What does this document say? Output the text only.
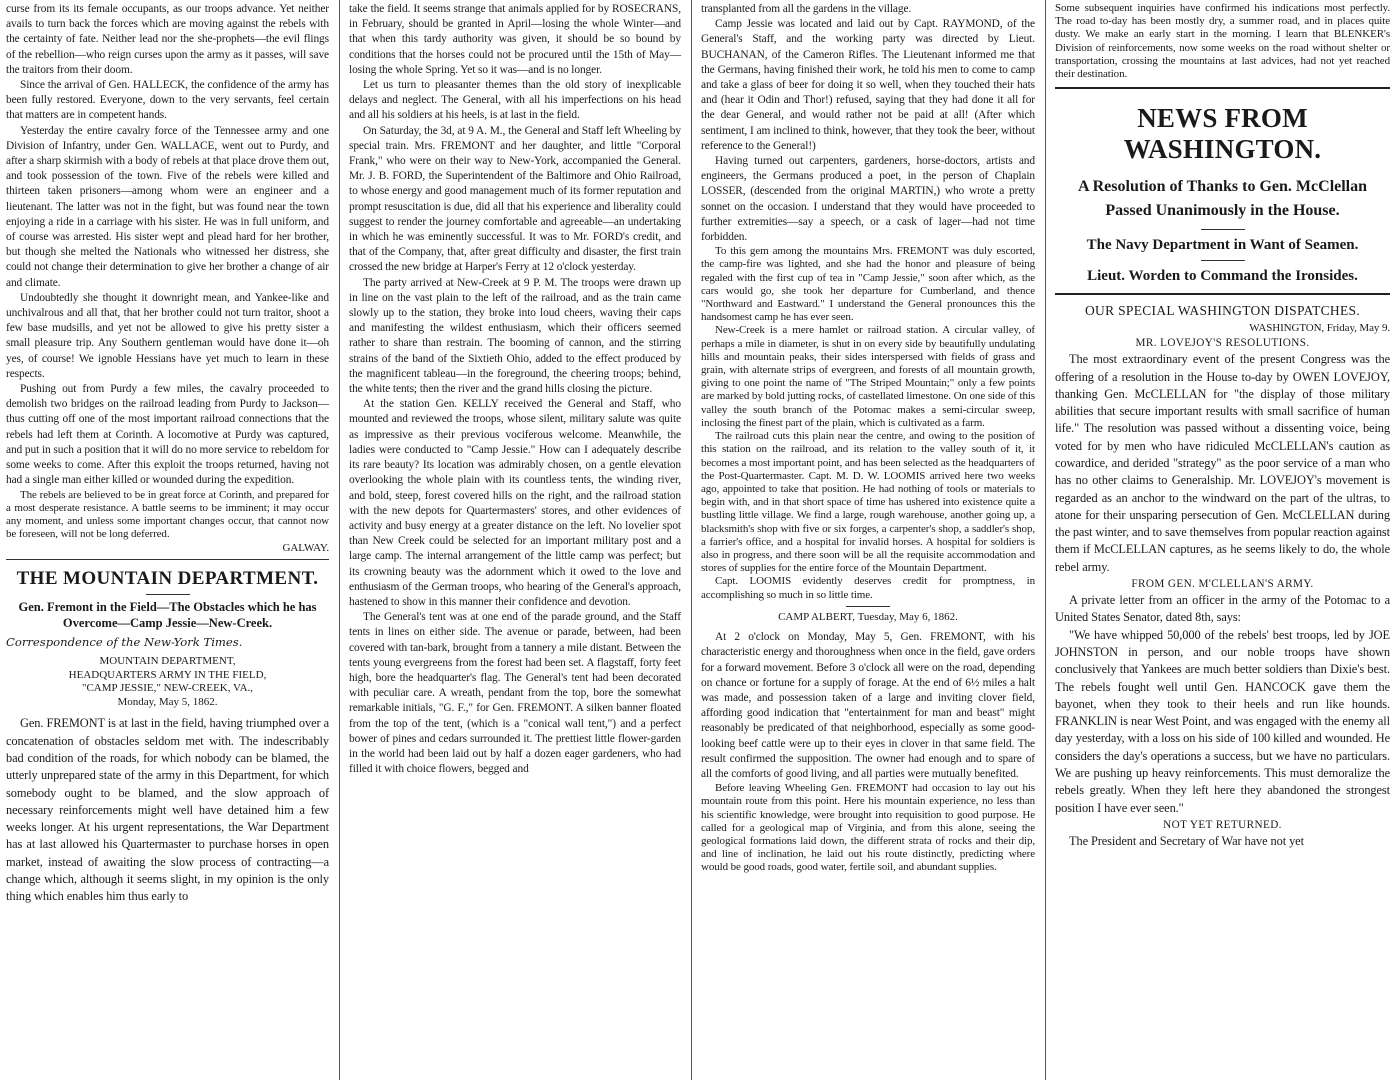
curse from its its female occupants, as our troops advance. Yet neither avails to turn back the forces which are moving against the rebels with the certainty of fate. Neither lead nor the she-prophets—the evil flings of the rebellion—who reign curses upon the army as it passes, will save the traitors from their doom.

Since the arrival of Gen. HALLECK, the confidence of the army has been fully restored. Everyone, down to the very servants, feel certain that matters are in competent hands.

Yesterday the entire cavalry force of the Tennessee army and one Division of Infantry, under Gen. WALLACE, went out to Purdy, and after a sharp skirmish with a body of rebels at that place drove them out, and took possession of the town. Five of the rebels were killed and thirteen taken prisoners—among whom were an engineer and a lieutenant. The latter was not in the fight, but was found near the town enjoying a ride in a carriage with his sister. He was in full uniform, and of course was arrested. His sister wept and plead hard for her brother, but though she melted the Nationals who witnessed her distress, she could not change their determination to give her brother a change of air and climate.

Undoubtedly she thought it downright mean, and Yankee-like and unchivalrous and all that, that her brother could not turn traitor, shoot a few base mudsills, and yet not be allowed to give his pretty sister a small pleasure trip. Any Southern gentleman would have done it—oh yes, of course! We ignoble Hessians have yet much to learn in these respects.

Pushing out from Purdy a few miles, the cavalry proceeded to demolish two bridges on the railroad leading from Purdy to Jackson—thus cutting off one of the most important railroad connections that the rebels had left them at Corinth. A locomotive at Purdy was captured, and put in such a position that it will do no more service to rebeldom for some weeks to come. After this exploit the troops returned, having not had a single man either killed or wounded during the expedition.

The rebels are believed to be in great force at Corinth, and prepared for a most desperate resistance. A battle seems to be imminent; it may occur any moment, and unless some important changes occur, that cannot now be foreseen, will not be long deferred.

GALWAY.

THE MOUNTAIN DEPARTMENT.
Gen. Fremont in the Field—The Obstacles which he has Overcome—Camp Jessie—New-Creek.
Correspondence of the New-York Times.
MOUNTAIN DEPARTMENT,
HEADQUARTERS ARMY IN THE FIELD,
"CAMP JESSIE," NEW-CREEK, VA.,
Monday, May 5, 1862.

Gen. FREMONT is at last in the field, having triumphed over a concatenation of obstacles seldom met with. The indescribably bad condition of the roads, for which nobody can be blamed, the utterly unprepared state of the army in this Department, for which somebody ought to be blamed, and the slow approach of necessary reinforcements might well have detained him a few weeks longer. At his urgent representations, the War Department has at last allowed his Quartermaster to purchase horses in open market, instead of awaiting the slow process of contracting—a change which, although it seems slight, in my opinion is the only thing which enables him thus early to

take the field. It seems strange that animals applied for by ROSECRANS, in February, should be granted in April—losing the whole Winter—and that when this tardy authority was given, it should be so bound by conditions that the horses could not be procured until the 15th of May—losing the whole Spring. Yet so it was—and is no longer.

Let us turn to pleasanter themes than the old story of inexplicable delays and neglect. The General, with all his imperfections on his head and all his soldiers at his heels, is at last in the field.

On Saturday, the 3d, at 9 A. M., the General and Staff left Wheeling by special train. Mrs. FREMONT and her daughter, and little "Corporal Frank," who were on their way to New-York, accompanied the General. Mr. J. B. FORD, the Superintendent of the Baltimore and Ohio Railroad, to whose energy and good management much of its former reputation and prompt resuscitation is due, did all that his experience and liberality could suggest to render the journey comfortable and agreeable—an undertaking in which he was eminently successful. It was to Mr. FORD's credit, and that of the Company, that, after great difficulty and disaster, the first train crossed the new bridge at Harper's Ferry at 12 o'clock yesterday.

The party arrived at New-Creek at 9 P. M. The troops were drawn up in line on the vast plain to the left of the railroad, and as the train came slowly up to the station, they broke into loud cheers, waving their caps and manifesting the wildest enthusiasm, which their officers seemed rather to share than restrain. The booming of cannon, and the stirring strains of the band of the Sixtieth Ohio, added to the effect produced by the magnificent tableau—in the foreground, the cheering troops; behind, the white tents; then the river and the grand hills closing the picture.

At the station Gen. KELLY received the General and Staff, who mounted and reviewed the troops, whose silent, military salute was quite as impressive as their previous vociferous welcome. Meanwhile, the ladies were conducted to "Camp Jessie." How can I adequately describe its rare beauty? Its location was admirably chosen, on a gentle elevation overlooking the whole plain with its countless tents, the winding river, and bold, steep, forest covered hills on the right, and the railroad station with the new depots for Quartermasters' stores, and other evidences of activity and busy energy at a greater distance on the left. No lovelier spot than New Creek could be selected for an important military post and a large camp. The internal arrangement of the little camp was perfect; but its crowning beauty was the adornment which it owed to the love and enthusiasm of the German troops, who hearing of the General's approach, hastened to show in this manner their confidence and devotion.

The General's tent was at one end of the parade ground, and the Staff tents in lines on either side. The avenue or parade, between, had been covered with tan-bark, brought from a tannery a mile distant. Between the tents young evergreens from the forest had been set. A flagstaff, forty feet high, bore the headquarter's flag. The General's tent had been decorated with peculiar care. A wreath, pendant from the top, bore the somewhat remarkable initials, "G. F.," for Gen. FREMONT. A silken banner floated from the top of the tent, (which is a "conical wall tent,") and a perfect bower of pines and cedars surrounded it. The prettiest little flower-garden in the world had been laid out by half a dozen eager gardeners, who had filled it with choice flowers, begged and

transplanted from all the gardens in the village.

Camp Jessie was located and laid out by Capt. RAYMOND, of the General's Staff, and the working party was directed by Lieut. BUCHANAN, of the Cameron Rifles. The Lieutenant informed me that the Germans, having finished their work, he told his men to come to camp and take a glass of beer for doing it so well, when they touched their hats and (hear it Odin and Thor!) refused, saying that they had done it all for the dear General, and would rather not be paid at all! (After which sentiment, I am inclined to think, however, that they took the beer, without reference to the General!)

Having turned out carpenters, gardeners, horse-doctors, artists and engineers, the Germans produced a poet, in the person of Chaplain LOSSER, (descended from the original MARTIN,) who wrote a pretty sonnet on the occasion. I understand that they would have proceeded to further extremities—say a speech, or a cask of lager—had not time forbidden.

To this gem among the mountains Mrs. FREMONT was duly escorted, the camp-fire was lighted, and she had the honor and pleasure of being regaled with the first cup of tea in "Camp Jessie," soon after which, as the cars would go, she took her departure for Cumberland, and thence "Northward and Eastward." I understand the General pronounces this the handsomest camp he has ever seen.

New-Creek is a mere hamlet or railroad station. A circular valley, of perhaps a mile in diameter, is shut in on every side by beautifully undulating hills and mountain peaks, their sides interspersed with fields of grass and grain, with alternate strips of evergreen, and forests of all mountain growth, giving to one point the name of "The Striped Mountain;" only a few points are marked by bold jutting rocks, of castellated limestone. On one side of this valley the south branch of the Potomac makes a semi-circular sweep, inclosing the finest part of the plain, which is cultivated as a farm.

The railroad cuts this plain near the centre, and owing to the position of this station on the railroad, and its relation to the valley south of it, it becomes a most important point, and has been selected as the headquarters of the Post-Quartermaster. Capt. M. D. W. LOOMIS arrived here two weeks ago, appointed to take that position. He had nothing of tools or materials to begin with, and in that short space of time has ushered into existence quite a bustling little village. We find a large, rough warehouse, another going up, a blacksmith's shop with five or six forges, a carpenter's shop, a saddler's shop, a farrier's office, and a hospital for invalid horses. A hospital for soldiers is also in progress, and there soon will be all the requisite accommodation and stores of supplies for the entire force of the Mountain Department.

Capt. LOOMIS evidently deserves credit for promptness, in accomplishing so much in so little time.

CAMP ALBERT, Tuesday, May 6, 1862.

At 2 o'clock on Monday, May 5, Gen. FREMONT, with his characteristic energy and thoroughness when once in the field, gave orders for a forward movement. Before 3 o'clock all were on the road, depending on chance or fortune for a supply of forage. At the end of 6½ miles a halt was made, and possession taken of a large and inviting clover field, affording good indication that "entertainment for man and beast" might reasonably be predicated of that neighborhood, especially as some good-looking beef cattle were up to their eyes in clover in that same field. The result confirmed the supposition. The owner had enough and to spare of all the comforts of good living, and all parties were mutually benefited.

Before leaving Wheeling Gen. FREMONT had occasion to lay out his mountain route from this point. Here his mountain experience, no less than his scientific knowledge, were brought into requisition to good purpose. He called for a geological map of Virginia, and from this alone, seeing the geological formations laid down, the different strata of rocks and their dip, and line of inclination, he laid out his route distinctly, predicting where would be good roads, good water, fertile soil, and abundant supplies.

Some subsequent inquiries have confirmed his indications most perfectly. The road to-day has been mostly dry, a summer road, and in places quite dusty. We make an early start in the morning. I learn that BLENKER's Division of reinforcements, now some weeks on the road without shelter or transportation, crossing the mountains at last advices, had not yet reached their destination.

NEWS FROM WASHINGTON.
A Resolution of Thanks to Gen. McClellan Passed Unanimously in the House.
The Navy Department in Want of Seamen.
Lieut. Worden to Command the Ironsides.
OUR SPECIAL WASHINGTON DISPATCHES.

WASHINGTON, Friday, May 9.

MR. LOVEJOY'S RESOLUTIONS.

The most extraordinary event of the present Congress was the offering of a resolution in the House to-day by OWEN LOVEJOY, thanking Gen. McCLELLAN for "the display of those military abilities that secure important results with small sacrifice of human life." The resolution was passed without a dissenting voice, being voted for by men who have ridiculed McCLELLAN's caution as cowardice, and derided "strategy" as the poor service of a man who has no other claims to Generalship. Mr. LOVEJOY's movement is regarded as an anchor to the windward on the part of the ultras, to atone for their unsparing persecution of Gen. McCLELLAN during the past winter, and to save themselves from popular reaction against them if McCLELLAN captures, as he seems likely to do, the whole rebel army.

FROM GEN. M'CLELLAN'S ARMY.

A private letter from an officer in the army of the Potomac to a United States Senator, dated 8th, says:

"We have whipped 50,000 of the rebels' best troops, led by JOE JOHNSTON in person, and our noble troops have shown conclusively that Yankees are much better soldiers than Dixie's best. The rebels fought well until Gen. HANCOCK gave them the bayonet, when they took to their heels and run like hounds. FRANKLIN is near West Point, and was engaged with the enemy all day yesterday, with a loss on his side of 100 killed and wounded. He considers the day's operations a success, but we have no particulars. We are pushing up heavy reinforcements. This must demoralize the rebels greatly. When they left here they abandoned the strongest position I have ever seen."

NOT YET RETURNED.

The President and Secretary of War have not yet
